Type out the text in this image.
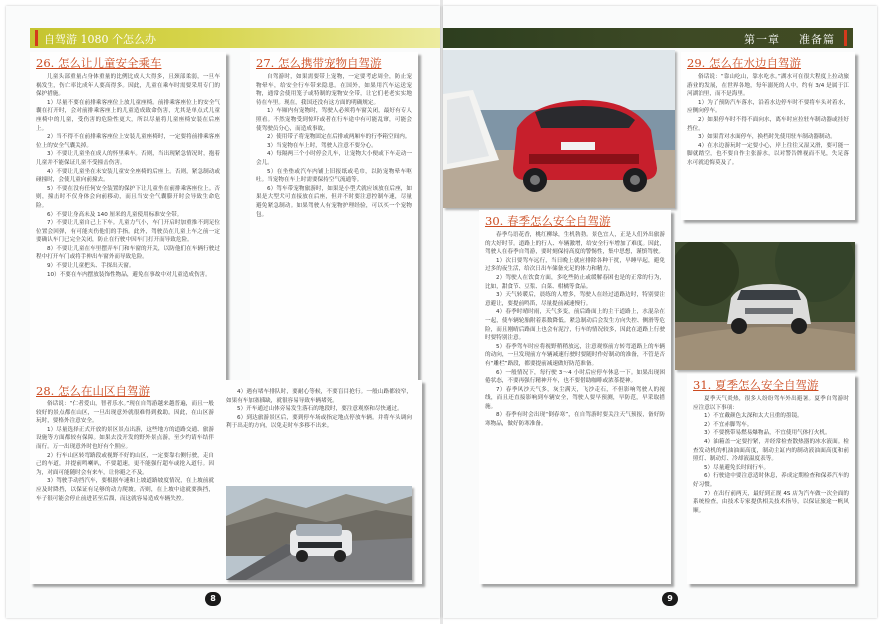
自驾游 1080 个怎么办
26. 怎么让儿童安全乘车

儿童头部重量占身体重量的比例比成人大得多，且颈部柔弱，一旦车祸发生，伤亡率比成年人要高得多。因此，儿童在乘车时需要采用专门的保护措施。

1）尽量不要在前排乘客座位上放儿童座椅。前排乘客座位上的安全气囊在打开时，会对前排乘客座上的儿童造成致命伤害，尤其是单点式儿童座椅中的儿童，受伤害的危险性更大，所以尽量将儿童座椅安装在后座上。

2）当不得不在前排乘客座位上安装儿童座椅时，一定要将前排乘客座位上的安全气囊关掉。

3）不要让儿童坐在成人的怀里乘车。否则，当出现紧急情况时，抱着儿童并不能保证儿童不受撞击伤害。

4）不要让儿童坐在未安装儿童安全座椅的后座上。否则，紧急制动或碰撞时，会使儿童向前撞去。

5）不要在没有任何安全装置的保护下让儿童坐在前排乘客座位上。否则，撞击时不仅身体会向前移动，而且当安全气囊膨开时会导致生命危险。

6）不要让身高未及 140 厘米的儿童使用标准安全带。

7）不要让儿童自己上下车。儿童力气小，车门开启时加重推不到足位位置会回弹，有可能夹伤他们的手指。此外，驾驶员在儿童上车之前一定要确认车门已完全关闭，防止在行驶中因车门打开而导致危险。

8）不要让儿童在车里摆弄车门和车窗的开关，以防他们在车辆行驶过程中打开车门或将手伸出车窗外而导致危险。

9）不要让儿童把头、手探出天窗。

10）不要在车内摆放装饰性物品，避免在事故中对儿童造成伤害。

27. 怎么携带宠物自驾游

自驾游时，如果需要带上宠物，一定要考虑周全，防止宠物晕车，给安全行车带来隐患。在国外，如果用汽车运送宠物，通常会使用笼子或特制的宠物安全带，让它们老老实实地待在车里。现在，我国还没有这方面的明确规定。

1）车厢内有宠物时，驾驶人必须将车窗关闭，最好有专人照看。不然宠物受到惊吓或者在行车途中有可能乱窜，可能会使驾驶员分心，而造成事故。

2）使用带子将宠物固定在后排或两厢车的行李箱空间内。

3）当宠物在车上时，驾驶人注意不要分心。

4）每隔两三个小时停会儿车，让宠物大小便或下车走动一会儿。

5）在坐垫或汽车内铺上旧报纸或毛巾，以防宠物晕车呕吐。当宠物在车上时需要保持空气流通等。

6）驾车带宠物旅游时，如果是小型犬就应该放在后座，如果是大型犬可直接放在后座，但并不时要注意控制车速，尽量避免紧急制动。如果驾驶人有宠物护理经验，可以买一个宠物包。

28. 怎么在山区自驾游

俗话说：“仁者爱山，智者乐水。”现在自驾游越来越普遍，而且一般较好的景点都在山区，一旦出现意外就很难得到救助。因此，在山区游玩时，要格外注意安全。

1）尽量选择正式开放的景区景点出游，这些地方的道路交通、旅游设施等方面都较有保障。如果去没开发的野外景点游，至少约请车结伴而行。万一出现意外时也好有个照应。

2）行车山区转弯路段或视野不好的山区，一定要靠右侧行驶，走自己的车道，并提前鸣喇叭，不要超速，更不能强行超车或抢入道行。因为，对面可能随时会有来车，让你避之不及。

3）驾驶手动挡汽车，要根据车速和上坡道路坡度情况，在上坡前就应及时降挡，以保证有足够的动力爬坡。否则，在上坡中途就要换挡，车子很可能会停止前进甚至后溜，而这就容易造成车辆失控。

4）遇有堵车排队时，要耐心等候，不要盲目抢行。一般山路都较窄，如果有车加塞插缺，就很容易导致车辆堵死。

5）开车通过山体旁易发生落石的地段时，要注意观察和尽快通过。

6）到达旅游景区后，要到停车场或指定地点停放车辆。并将车头调向利于出走的方向，以免走时车多移不出来。

8
第一章 准备篇
29. 怎么在水边自驾游

俗话说：“靠山吃山，靠水吃水。”湖水可在很大程度上拉动旅游业的发展，在世界各地，每年溺死的人中，约有 3/4 是属于江河湖泊里，而不是海里。

1）为了预防汽车落水，沿着水边停车时不要将车头对着水，应侧向停车。

2）如果停车时不得不面向水，离车时应拉驻车制动器或挂好挡位。

3）如果背对水面停车，换档时先使用驻车制动器制动。

4）在水边游玩时一定要小心，岸上往往又湿又滑，要可能一脚就踏空，也不要自作主张游水，以对警告牌视而不见，失足落水可就追悔莫及了。

30. 春季怎么安全自驾游

春季鸟语花香，桃红柳绿，生机勃勃。景色宜人，正是人们外出旅游的大好时节。道路上的行人、车辆激增，给安全行车增加了难度。因此，驾驶人在春季自驾游，要时刻保持高度的警惕性，集中思想，谨慎驾驶。

1）次日要驾车远行，当日晚上就应排除各种干扰，早睡早起，避免过多的夜生活，给次日出车储备充足的体力和精力。

2）驾驶人在饮食方面，多吃些防止或缓解春困也是的正常的行为，比如，甜食节、豆浆、白菜、柑橘等食品。

3）天气转暖后，晨练的人增多，驾驶人在经过道路边时，特别要注意避让，要提前鸣笛，尽量提前减速慢行。

4）春季时晴时雨，天气多变，前后路面上的主干道路上，水混杂在一起，使车辆轮胎附着系数降低。紧急制动后会发生方向失控、侧滑等危险，而且刚晴后路面上也会有泥泞，行车的情况较多，因此在道路上行驶时要特别注意。

5）春季驾车时应将视野稍稍放远，注意观察前方转弯道路上的车辆的动向，一旦发现前方车辆减速行驶时要随时作好制动的准备，不管是否有“雕栏”路段，都要提前减速做好防范准备。

6）一般情况下，每行驶 3～4 小时后应停车休息一下。如果出现困倦状态，不要再强行精神开车，也不要借助咖啡或浓茶提神。

7）春季风沙天气多，灰尘满天，飞沙走石，不但影响驾驶人的视线，而且还直接影响到车辆安全，驾驶人要早预测，早防范，早采取措施。

8）春季有时会出现“倒春寒”，在自驾游时要关注天气预报，备好防寒物品，做好防寒准备。

31. 夏季怎么安全自驾游

夏季天气炎热，很多人纷纷驾车外出避暑。夏季自驾游时应注意以下事项：

1）不宜戴颜色太深和太大且重的墨镜。

2）不宜赤脚驾车。

3）不要携带易燃易爆物品，不宜使用气体打火机。

4）油箱盖一定要拧紧，并经常检查散热器的冰水液面。检查发动机的机油油面高度，制动主缸内的制动液油面高度和前照灯、制动灯、冷却液温度表等。

5）尽量避免长时间行车。

6）行驶途中要注意适时休息，养成定期检查和保养汽车的好习惯。

7）在出行前两天，最好到正规 4S 店为汽车做一次全面的系统检查，由技术专家提供相关技术指导，以保证旅途一帆风顺。

9
